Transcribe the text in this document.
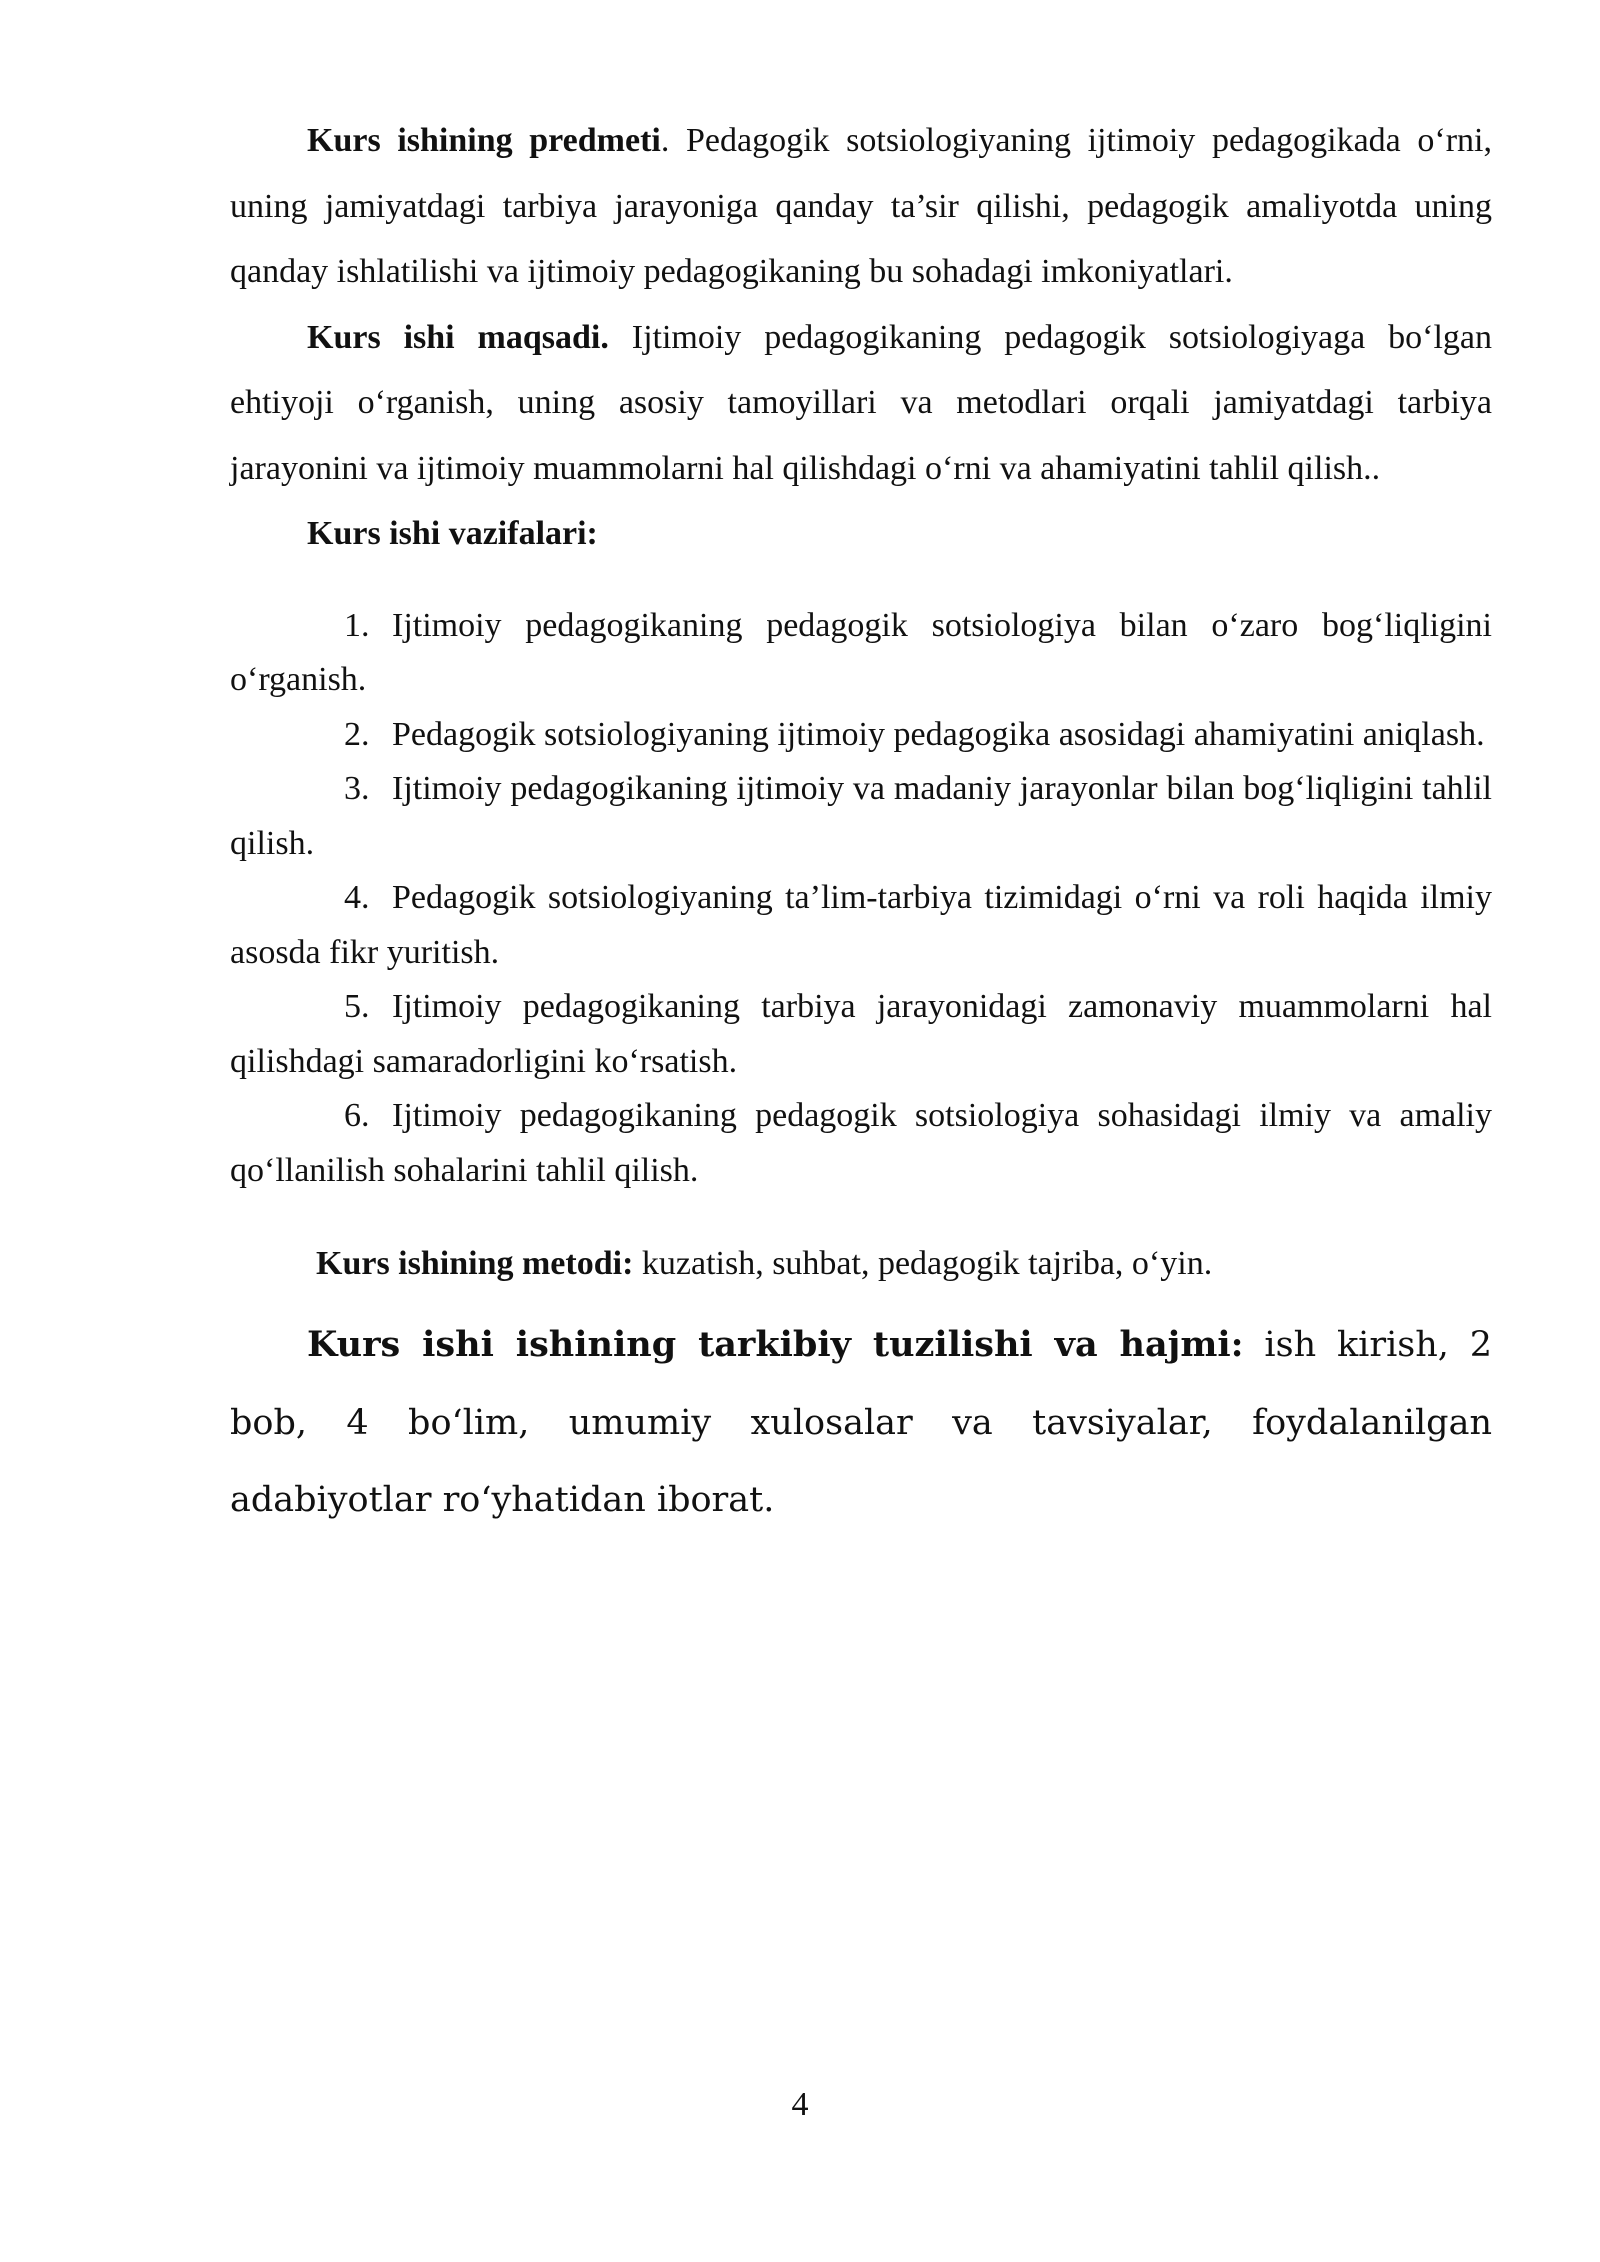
Kurs ishining predmeti. Pedagogik sotsiologiyaning ijtimoiy pedagogikada o‘rni, uning jamiyatdagi tarbiya jarayoniga qanday ta’sir qilishi, pedagogik amaliyotda uning qanday ishlatilishi va ijtimoiy pedagogikaning bu sohadagi imkoniyatlari.

Kurs ishi maqsadi. Ijtimoiy pedagogikaning pedagogik sotsiologiyaga bo‘lgan ehtiyoji o‘rganish, uning asosiy tamoyillari va metodlari orqali jamiyatdagi tarbiya jarayonini va ijtimoiy muammolarni hal qilishdagi o‘rni va ahamiyatini tahlil qilish..

Kurs ishi vazifalari:

1. Ijtimoiy pedagogikaning pedagogik sotsiologiya bilan o‘zaro bog‘liqligini o‘rganish.

2. Pedagogik sotsiologiyaning ijtimoiy pedagogika asosidagi ahamiyatini aniqlash.

3. Ijtimoiy pedagogikaning ijtimoiy va madaniy jarayonlar bilan bog‘liqligini tahlil qilish.

4. Pedagogik sotsiologiyaning ta’lim-tarbiya tizimidagi o‘rni va roli haqida ilmiy asosda fikr yuritish.

5. Ijtimoiy pedagogikaning tarbiya jarayonidagi zamonaviy muammolarni hal qilishdagi samaradorligini ko‘rsatish.

6. Ijtimoiy pedagogikaning pedagogik sotsiologiya sohasidagi ilmiy va amaliy qo‘llanilish sohalarini tahlil qilish.

Kurs ishining metodi: kuzatish, suhbat, pedagogik tajriba, o‘yin.

Kurs ishi ishining tarkibiy tuzilishi va hajmi: ish kirish, 2 bob, 4 bo‘lim, umumiy xulosalar va tavsiyalar, foydalanilgan adabiyotlar ro‘yhatidan iborat.

4
